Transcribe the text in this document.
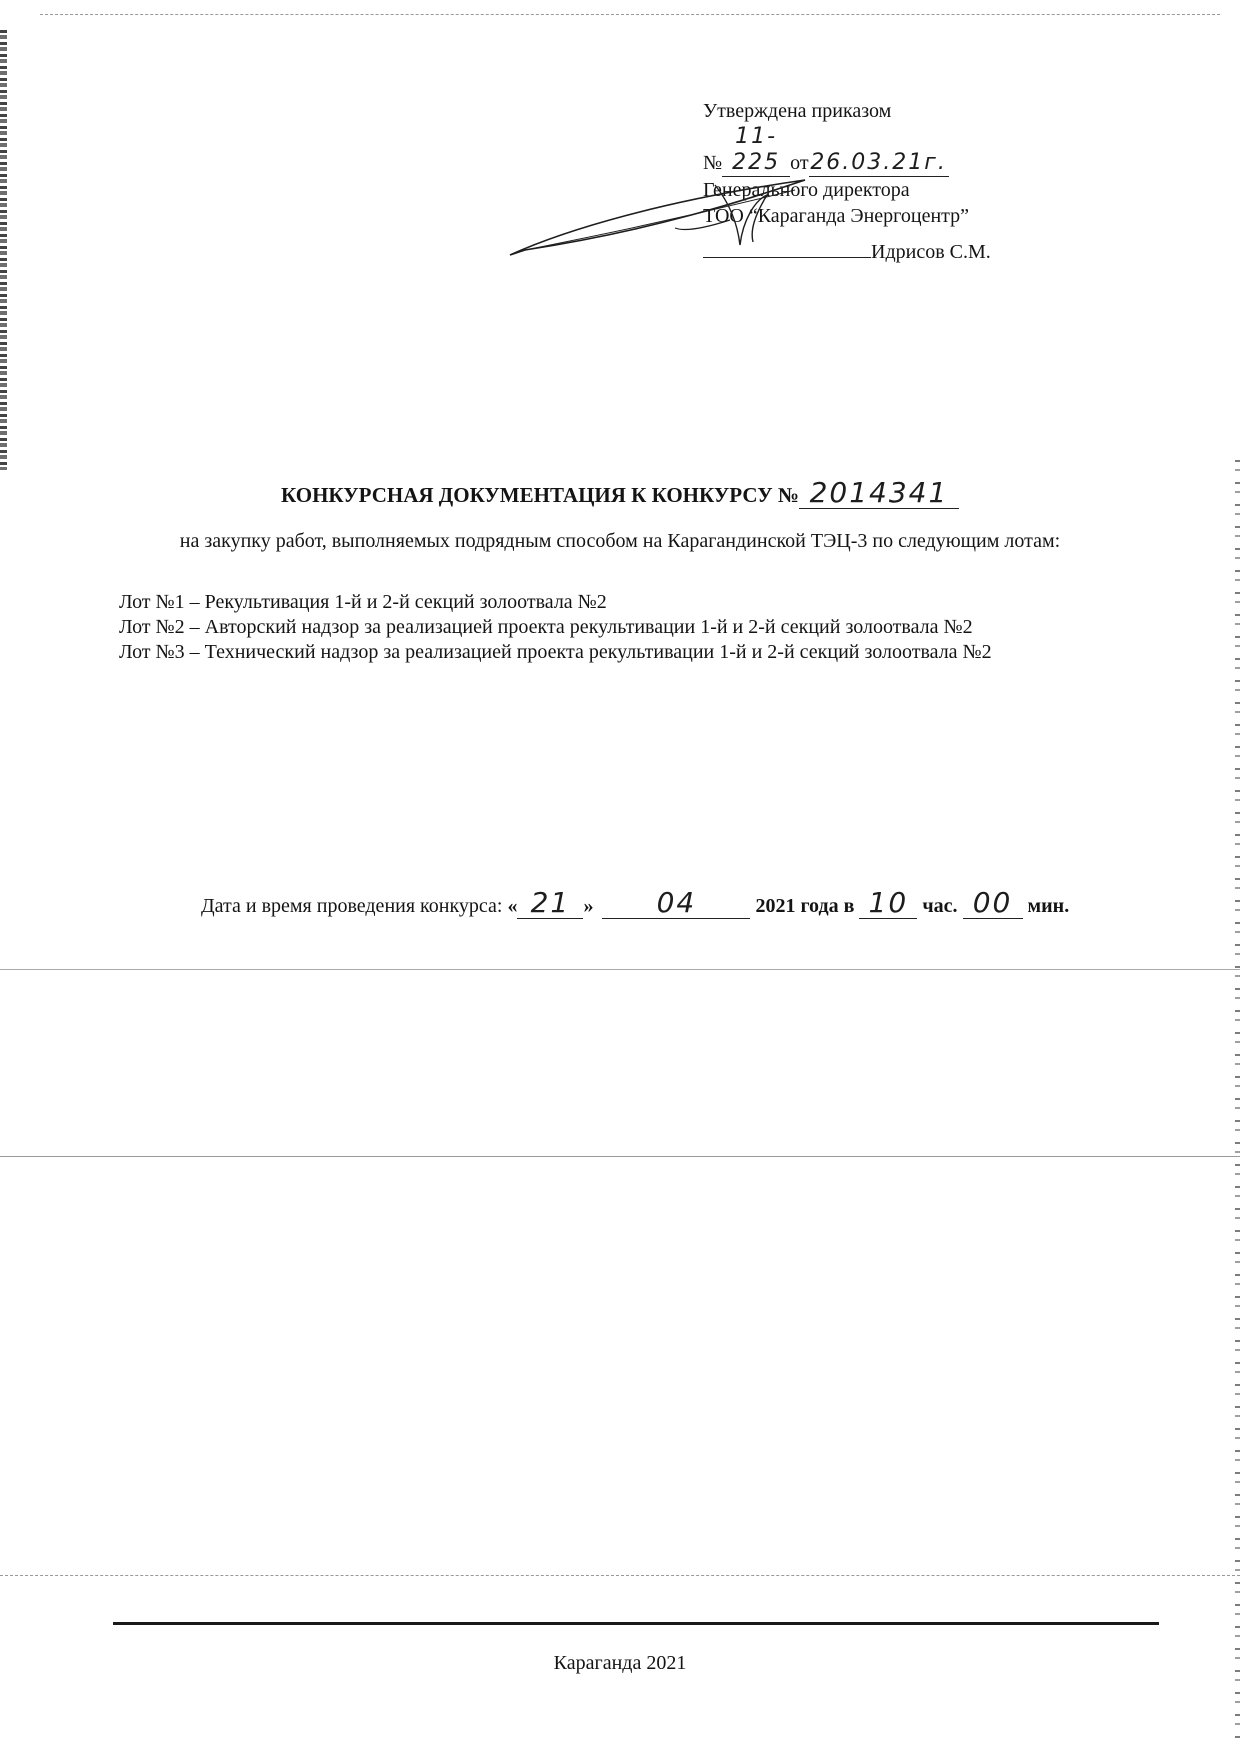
Утверждена приказом
№11-225 от26.03.21г.
Генерального директора
ТОО “Караганда Энергоцентр”
Идрисов С.М.
КОНКУРСНАЯ ДОКУМЕНТАЦИЯ К КОНКУРСУ № 2014341
на закупку работ, выполняемых подрядным способом на Карагандинской ТЭЦ-3 по следующим лотам:
Лот №1 – Рекультивация 1-й и 2-й секций золоотвала №2
Лот №2 – Авторский надзор за реализацией проекта рекультивации 1-й и 2-й секций золоотвала №2
Лот №3 – Технический надзор за реализацией проекта рекультивации 1-й и 2-й секций золоотвала №2
Дата и время проведения конкурса: « 21 » 04	2021 года в 10 час. 00 мин.
Караганда 2021
